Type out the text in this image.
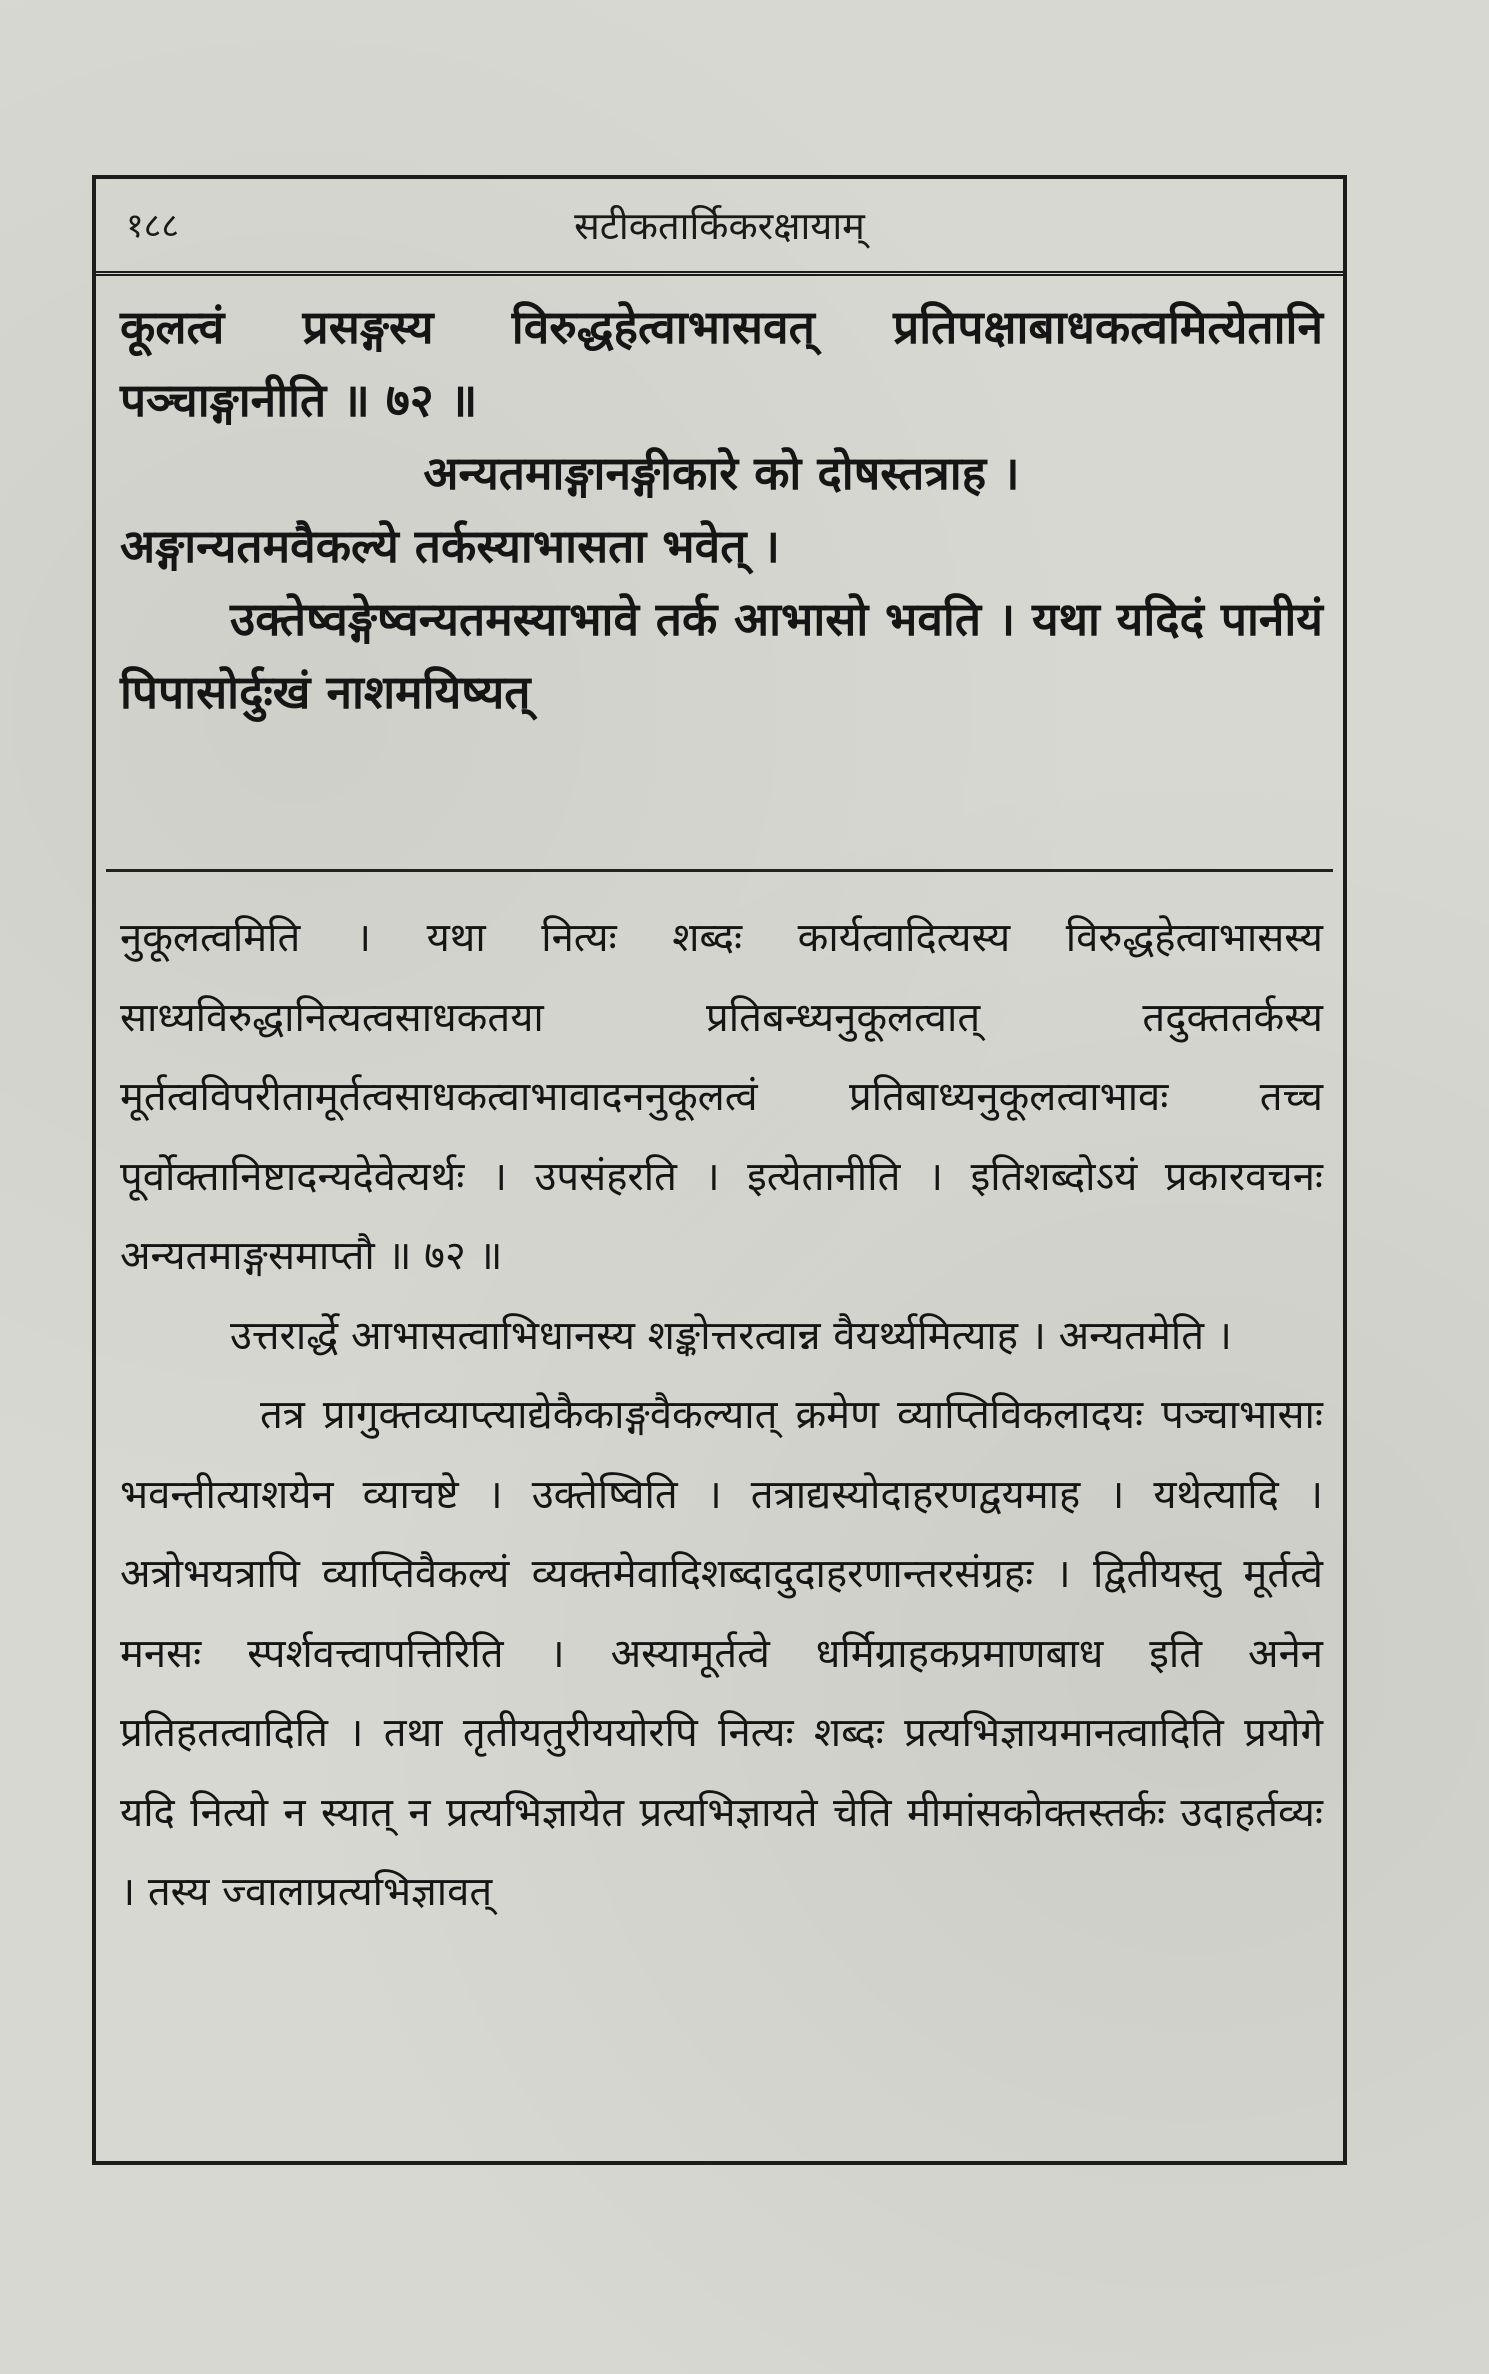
१८८	सटीकतार्किकरक्षायाम्

कूलत्वं प्रसङ्गस्य विरुद्धहेत्वाभासवत् प्रतिपक्षाबाधकत्वमित्येतानि पञ्चाङ्गानीति ॥ ७२ ॥

अन्यतमाङ्गानङ्गीकारे को दोषस्तत्राह ।

अङ्गान्यतमवैकल्ये तर्कस्याभासता भवेत् ।

उक्तेष्वङ्गेष्वन्यतमस्याभावे तर्क आभासो भवति । यथा यदिदं पानीयं पिपासोर्दुःखं नाशमयिष्यत्

नुकूलत्वमिति । यथा नित्यः शब्दः कार्यत्वादित्यस्य विरुद्धहेत्वाभासस्य साध्यविरुद्धानित्यत्वसाधकतया प्रतिबन्ध्यनुकूलत्वात् तदुक्ततर्कस्य मूर्तत्वविपरीतामूर्तत्वसाधकत्वाभावादननुकूलत्वं प्रतिबाध्यनुकूलत्वाभावः तच्च पूर्वोक्तानिष्टादन्यदेवेत्यर्थः । उपसंहरति । इत्येतानीति । इतिशब्दोऽयं प्रकारवचनः अन्यतमाङ्गसमाप्तौ ॥ ७२ ॥

उत्तरार्द्धे आभासत्वाभिधानस्य शङ्कोत्तरत्वान्न वैयर्थ्यमित्याह । अन्यतमेति ।

तत्र प्रागुक्तव्याप्त्याद्येकैकाङ्गवैकल्यात् क्रमेण व्याप्तिविकलादयः पञ्चाभासाः भवन्तीत्याशयेन व्याचष्टे । उक्तेष्विति । तत्राद्यस्योदाहरणद्वयमाह । यथेत्यादि । अत्रोभयत्रापि व्याप्तिवैकल्यं व्यक्तमेवादिशब्दादुदाहरणान्तरसंग्रहः । द्वितीयस्तु मूर्तत्वे मनसः स्पर्शवत्त्वापत्तिरिति । अस्यामूर्तत्वे धर्मिग्राहकप्रमाणबाध इति अनेन प्रतिहतत्वादिति । तथा तृतीयतुरीययोरपि नित्यः शब्दः प्रत्यभिज्ञायमानत्वादिति प्रयोगे यदि नित्यो न स्यात् न प्रत्यभिज्ञायेत प्रत्यभिज्ञायते चेति मीमांसकोक्तस्तर्कः उदाहर्तव्यः । तस्य ज्वालाप्रत्यभिज्ञावत्
